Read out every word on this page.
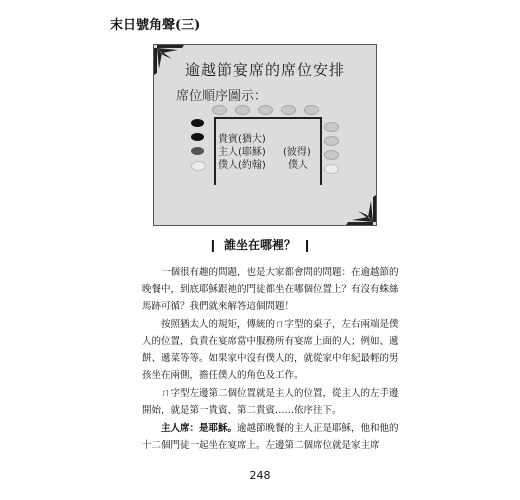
末日號角聲(三)
逾越節宴席的席位安排
席位順序圖示：
貴賓(猶大)
主人(耶穌)
僕人(約翰)
(彼得)
僕人
❙ 誰坐在哪裡？ ❙
一個很有趣的問題，也是大家都會問的問題：在逾越節的
晚餐中，到底耶穌跟祂的門徒都坐在哪個位置上？有沒有蛛絲
馬跡可循？我們就來解答這個問題！
按照猶太人的規矩，傳統的ㄇ字型的桌子，左右兩端是僕
人的位置，負責在宴席當中服務所有宴席上面的人；例如、遞
餅、遞菜等等。如果家中沒有僕人的，就從家中年紀最輕的男
孩坐在兩側，擔任僕人的角色及工作。
ㄇ字型左邊第二個位置就是主人的位置，從主人的左手邊
開始，就是第一貴賓、第二貴賓……依序往下。
主人席：是耶穌。逾越節晚餐的主人正是耶穌，他和他的
十二個門徒一起坐在宴席上。左邊第二個席位就是家主席
248
